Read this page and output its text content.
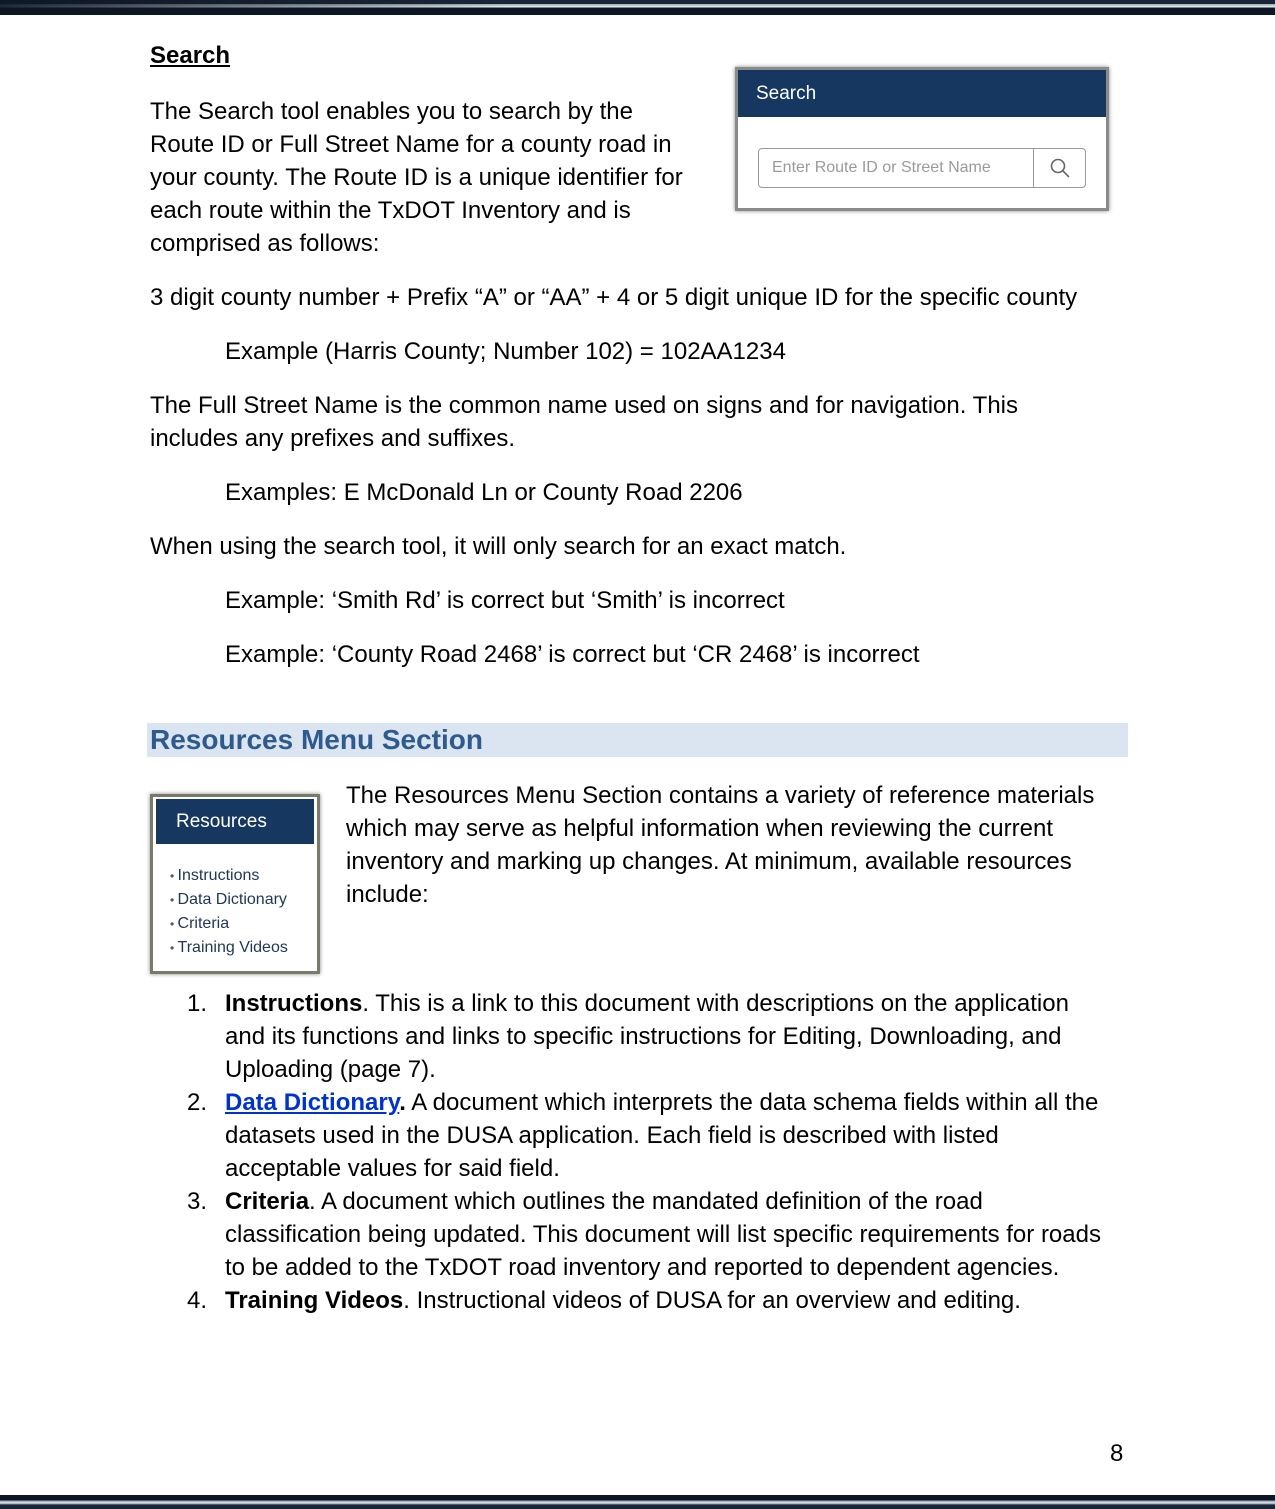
Search

The Search tool enables you to search by the Route ID or Full Street Name for a county road in your county. The Route ID is a unique identifier for each route within the TxDOT Inventory and is comprised as follows:

Search
Enter Route ID or Street Name

3 digit county number + Prefix “A” or “AA” + 4 or 5 digit unique ID for the specific county

Example (Harris County; Number 102) = 102AA1234

The Full Street Name is the common name used on signs and for navigation. This includes any prefixes and suffixes.

Examples: E McDonald Ln or County Road 2206

When using the search tool, it will only search for an exact match.

Example: ‘Smith Rd’ is correct but ‘Smith’ is incorrect

Example: ‘County Road 2468’ is correct but ‘CR 2468’ is incorrect

Resources Menu Section
Resources
• Instructions
• Data Dictionary
• Criteria
• Training Videos

The Resources Menu Section contains a variety of reference materials which may serve as helpful information when reviewing the current inventory and marking up changes. At minimum, available resources include:

1. Instructions. This is a link to this document with descriptions on the application and its functions and links to specific instructions for Editing, Downloading, and Uploading (page 7).
2. Data Dictionary. A document which interprets the data schema fields within all the datasets used in the DUSA application. Each field is described with listed acceptable values for said field.
3. Criteria. A document which outlines the mandated definition of the road classification being updated. This document will list specific requirements for roads to be added to the TxDOT road inventory and reported to dependent agencies.
4. Training Videos. Instructional videos of DUSA for an overview and editing.
8
